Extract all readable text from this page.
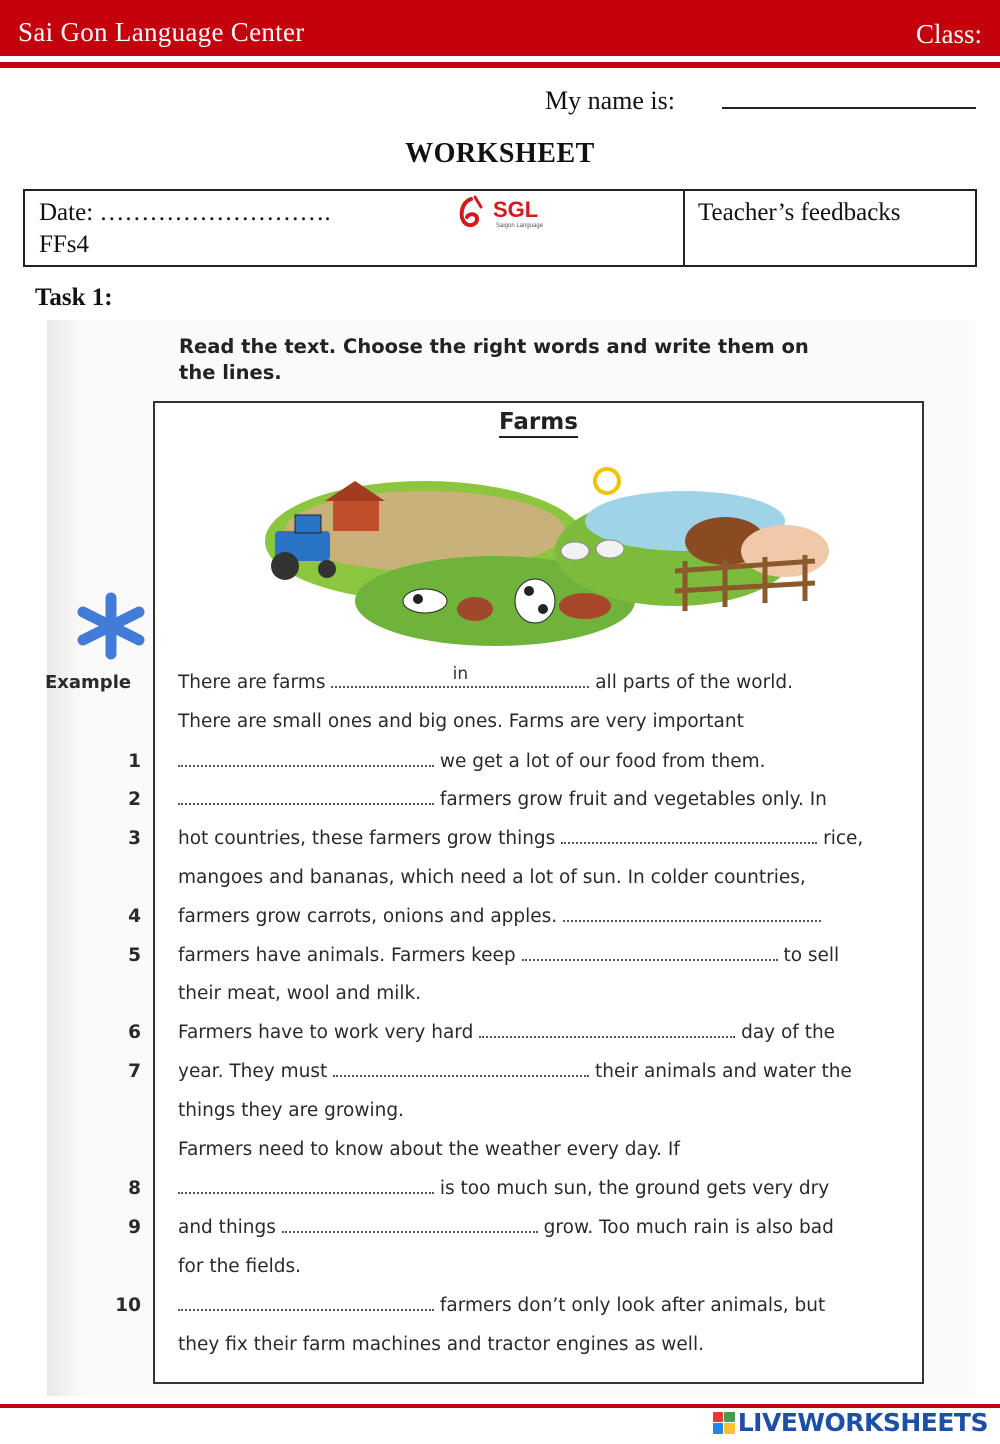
Sai Gon Language Center	Class:
My name is:
WORKSHEET
Date: ……………………….
FFs4
SGL
Saigon Language	Teacher’s feedbacks
Task 1:
Read the text. Choose the right words and write them on
the lines.
Farms
Example	There are farms	in	all parts of the world.
There are small ones and big ones. Farms are very important
1	we get a lot of our food from them.
2	farmers grow fruit and vegetables only. In
3 hot countries, these farmers grow things	rice,
mangoes and bananas, which need a lot of sun. In colder countries,
4 farmers grow carrots, onions and apples.
5 farmers have animals. Farmers keep	to sell
their meat, wool and milk.
6 Farmers have to work very hard	day of the
7 year. They must	their animals and water the
things they are growing.
Farmers need to know about the weather every day. If
8	is too much sun, the ground gets very dry
9 and things	grow. Too much rain is also bad
for the fields.
10	farmers don’t only look after animals, but
they fix their farm machines and tractor engines as well.
LIVEWORKSHEETS
